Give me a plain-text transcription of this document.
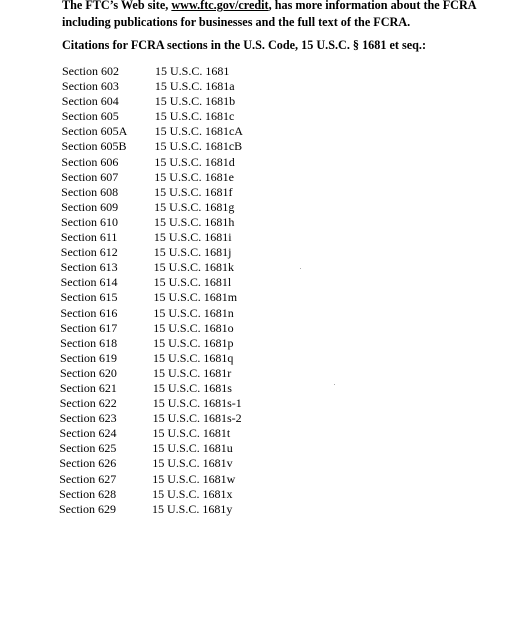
The FTC’s Web site, www.ftc.gov/credit, has more information about the FCRA including publications for businesses and the full text of the FCRA.

Citations for FCRA sections in the U.S. Code, 15 U.S.C. § 1681 et seq.:

Section 602	15 U.S.C. 1681
Section 603	15 U.S.C. 1681a
Section 604	15 U.S.C. 1681b
Section 605	15 U.S.C. 1681c
Section 605A 15 U.S.C. 1681cA
Section 605B 15 U.S.C. 1681cB
Section 606	15 U.S.C. 1681d
Section 607	15 U.S.C. 1681e
Section 608	15 U.S.C. 1681f
Section 609	15 U.S.C. 1681g
Section 610	15 U.S.C. 1681h
Section 611	15 U.S.C. 1681i
Section 612	15 U.S.C. 1681j
Section 613	15 U.S.C. 1681k
Section 614	15 U.S.C. 1681l
Section 615	15 U.S.C. 1681m
Section 616	15 U.S.C. 1681n
Section 617	15 U.S.C. 1681o
Section 618	15 U.S.C. 1681p
Section 619	15 U.S.C. 1681q
Section 620	15 U.S.C. 1681r
Section 621	15 U.S.C. 1681s
Section 622	15 U.S.C. 1681s-1
Section 623	15 U.S.C. 1681s-2
Section 624	15 U.S.C. 1681t
Section 625	15 U.S.C. 1681u
Section 626	15 U.S.C. 1681v
Section 627	15 U.S.C. 1681w
Section 628	15 U.S.C. 1681x
Section 629	15 U.S.C. 1681y
